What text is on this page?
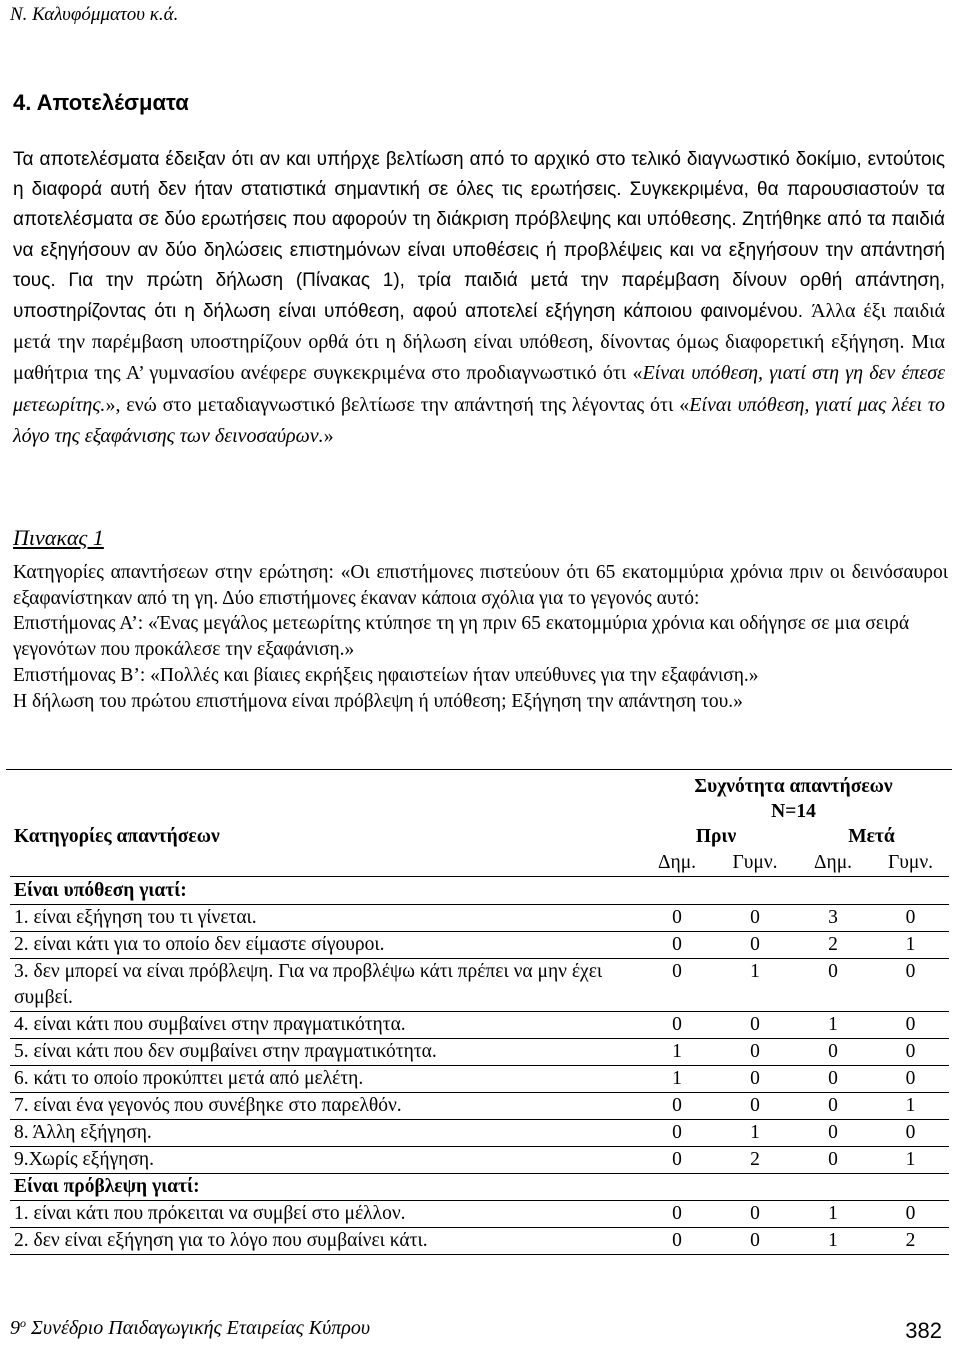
Ν. Καλυφόμματου κ.ά.
4. Αποτελέσματα
Τα αποτελέσματα έδειξαν ότι αν και υπήρχε βελτίωση από το αρχικό στο τελικό διαγνωστικό δοκίμιο, εντούτοις η διαφορά αυτή δεν ήταν στατιστικά σημαντική σε όλες τις ερωτήσεις. Συγκεκριμένα, θα παρουσιαστούν τα αποτελέσματα σε δύο ερωτήσεις που αφορούν τη διάκριση πρόβλεψης και υπόθεσης. Ζητήθηκε από τα παιδιά να εξηγήσουν αν δύο δηλώσεις επιστημόνων είναι υποθέσεις ή προβλέψεις και να εξηγήσουν την απάντησή τους. Για την πρώτη δήλωση (Πίνακας 1), τρία παιδιά μετά την παρέμβαση δίνουν ορθή απάντηση, υποστηρίζοντας ότι η δήλωση είναι υπόθεση, αφού αποτελεί εξήγηση κάποιου φαινομένου. Άλλα έξι παιδιά μετά την παρέμβαση υποστηρίζουν ορθά ότι η δήλωση είναι υπόθεση, δίνοντας όμως διαφορετική εξήγηση. Μια μαθήτρια της Α’ γυμνασίου ανέφερε συγκεκριμένα στο προδιαγνωστικό ότι «Είναι υπόθεση, γιατί στη γη δεν έπεσε μετεωρίτης.», ενώ στο μεταδιαγνωστικό βελτίωσε την απάντησή της λέγοντας ότι «Είναι υπόθεση, γιατί μας λέει το λόγο της εξαφάνισης των δεινοσαύρων.»
Πινακας 1

Κατηγορίες απαντήσεων στην ερώτηση: «Οι επιστήμονες πιστεύουν ότι 65 εκατομμύρια χρόνια πριν οι δεινόσαυροι εξαφανίστηκαν από τη γη. Δύο επιστήμονες έκαναν κάποια σχόλια για το γεγονός αυτό:

Επιστήμονας Α’: «Ένας μεγάλος μετεωρίτης κτύπησε τη γη πριν 65 εκατομμύρια χρόνια και οδήγησε σε μια σειρά γεγονότων που προκάλεσε την εξαφάνιση.»

Επιστήμονας Β’: «Πολλές και βίαιες εκρήξεις ηφαιστείων ήταν υπεύθυνες για την εξαφάνιση.»

Η δήλωση του πρώτου επιστήμονα είναι πρόβλεψη ή υπόθεση; Εξήγηση την απάντηση του.»

	Συχνότητα απαντήσεων
N=14			
Κατηγορίες απαντήσεων	Πριν		Μετά	
	Δημ.	Γυμν.	Δημ.	Γυμν.
Είναι υπόθεση γιατί:				

1. είναι εξήγηση του τι γίνεται.	0	0	3	0

2. είναι κάτι για το οποίο δεν είμαστε σίγουροι.	0	0	2	1

3. δεν μπορεί να είναι πρόβλεψη. Για να προβλέψω κάτι πρέπει να μην έχει συμβεί.	0	1	0	0

4. είναι κάτι που συμβαίνει στην πραγματικότητα.	0	0	1	0

5. είναι κάτι που δεν συμβαίνει στην πραγματικότητα.	1	0	0	0

6. κάτι το οποίο προκύπτει μετά από μελέτη.	1	0	0	0

7. είναι ένα γεγονός που συνέβηκε στο παρελθόν.	0	0	0	1

8. Άλλη εξήγηση.	0	1	0	0

9.Χωρίς εξήγηση.	0	2	0	1
Είναι πρόβλεψη γιατί:				

1. είναι κάτι που πρόκειται να συμβεί στο μέλλον.	0	0	1	0

2. δεν είναι εξήγηση για το λόγο που συμβαίνει κάτι.	0	0	1	2
$9^o$ Συνέδριο Παιδαγωγικής Εταιρείας Κύπρου	382
